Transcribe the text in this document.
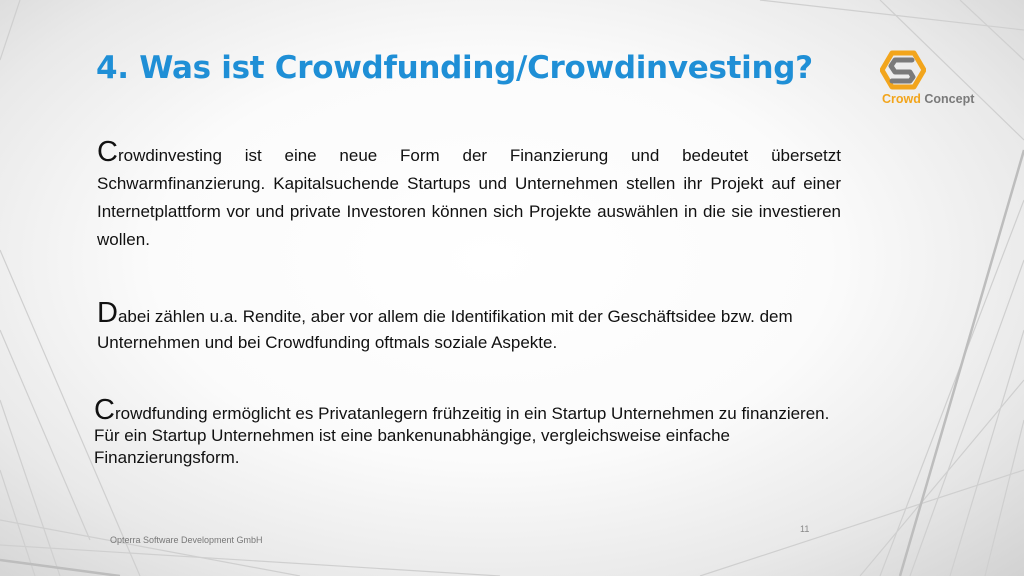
4. Was ist Crowdfunding/Crowdinvesting?
Crowd Concept

Crowdinvesting ist eine neue Form der Finanzierung und bedeutet übersetzt Schwarmfinanzierung. Kapitalsuchende Startups und Unternehmen stellen ihr Projekt auf einer Internetplattform vor und private Investoren können sich Projekte auswählen in die sie investieren wollen.

Dabei zählen u.a. Rendite, aber vor allem die Identifikation mit der Geschäftsidee bzw. dem Unternehmen und bei Crowdfunding oftmals soziale Aspekte.

Crowdfunding ermöglicht es Privatanlegern frühzeitig in ein Startup Unternehmen zu finanzieren. Für ein Startup Unternehmen ist eine bankenunabhängige, vergleichsweise einfache Finanzierungsform.

Opterra Software Development GmbH
11
